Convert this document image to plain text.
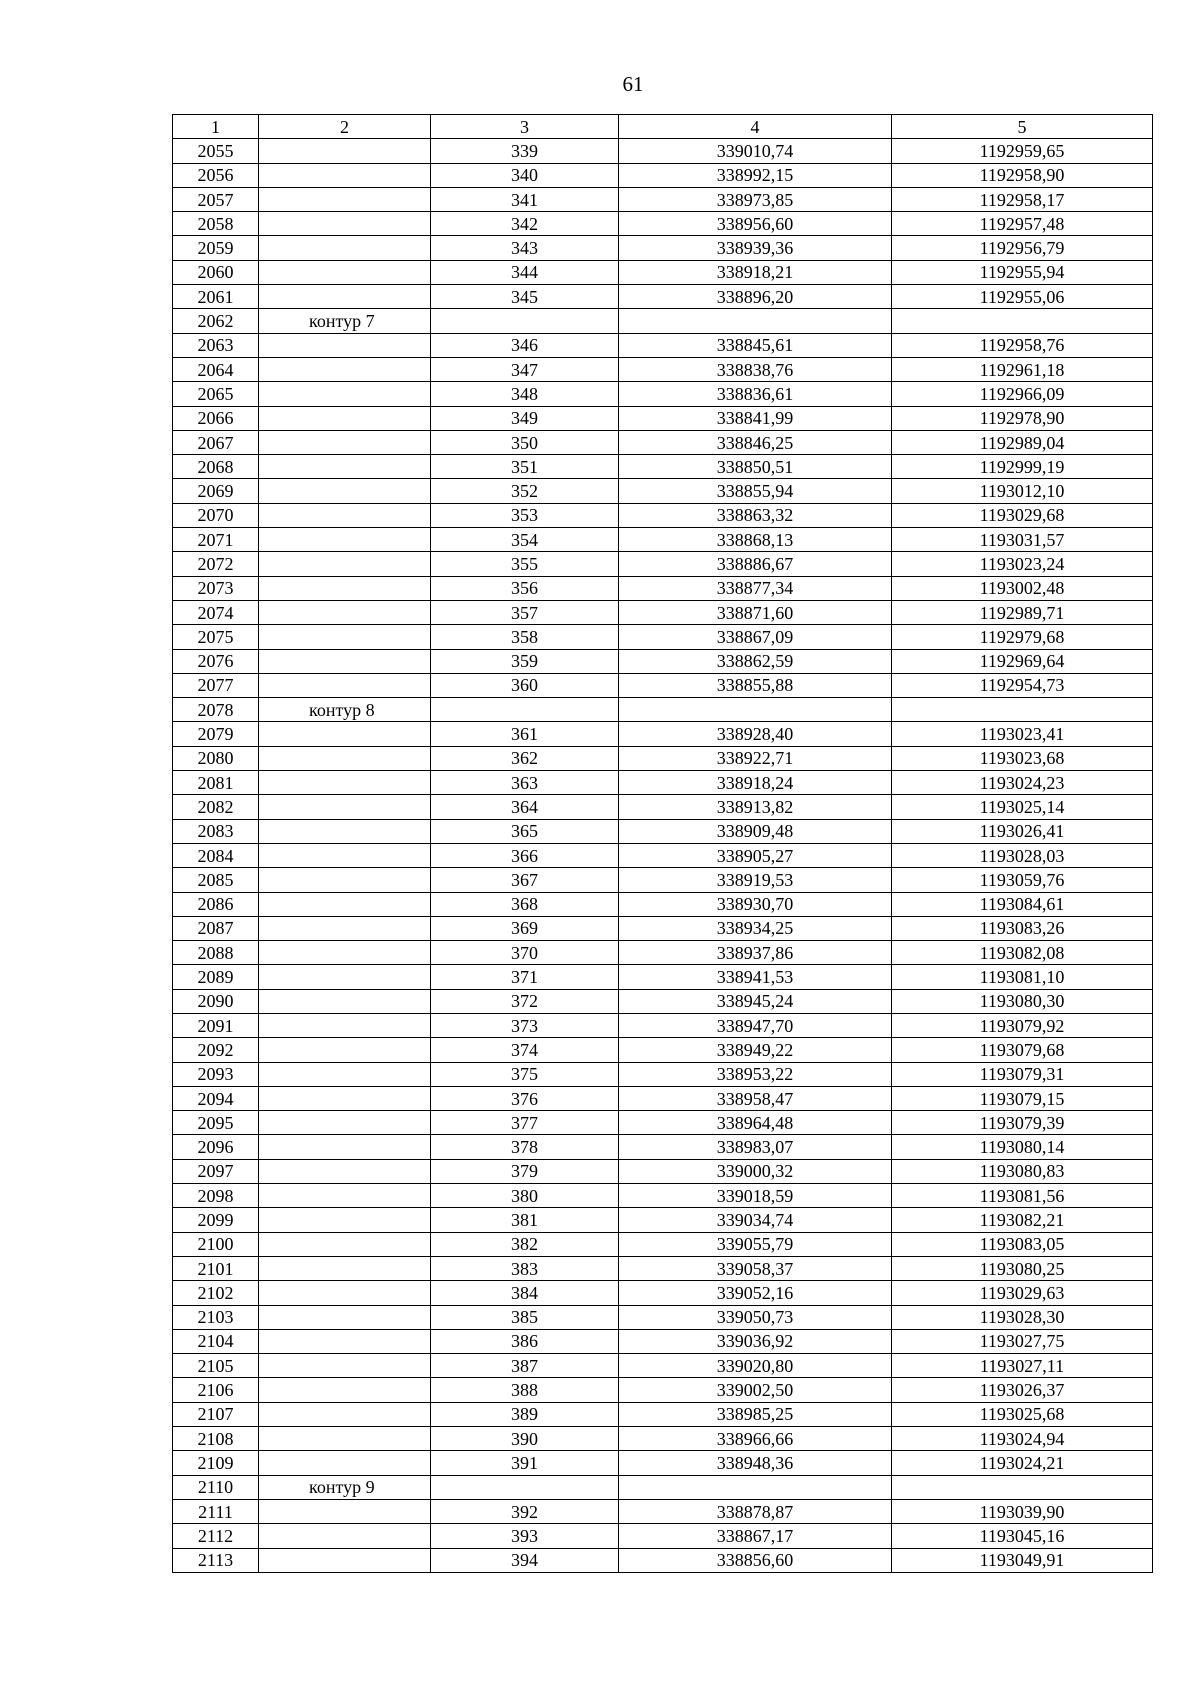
61
1	2	3	4	5
2055		339	339010,74	1192959,65
2056		340	338992,15	1192958,90
2057		341	338973,85	1192958,17
2058		342	338956,60	1192957,48
2059		343	338939,36	1192956,79
2060		344	338918,21	1192955,94
2061		345	338896,20	1192955,06
2062	контур 7			
2063		346	338845,61	1192958,76
2064		347	338838,76	1192961,18
2065		348	338836,61	1192966,09
2066		349	338841,99	1192978,90
2067		350	338846,25	1192989,04
2068		351	338850,51	1192999,19
2069		352	338855,94	1193012,10
2070		353	338863,32	1193029,68
2071		354	338868,13	1193031,57
2072		355	338886,67	1193023,24
2073		356	338877,34	1193002,48
2074		357	338871,60	1192989,71
2075		358	338867,09	1192979,68
2076		359	338862,59	1192969,64
2077		360	338855,88	1192954,73
2078	контур 8			
2079		361	338928,40	1193023,41
2080		362	338922,71	1193023,68
2081		363	338918,24	1193024,23
2082		364	338913,82	1193025,14
2083		365	338909,48	1193026,41
2084		366	338905,27	1193028,03
2085		367	338919,53	1193059,76
2086		368	338930,70	1193084,61
2087		369	338934,25	1193083,26
2088		370	338937,86	1193082,08
2089		371	338941,53	1193081,10
2090		372	338945,24	1193080,30
2091		373	338947,70	1193079,92
2092		374	338949,22	1193079,68
2093		375	338953,22	1193079,31
2094		376	338958,47	1193079,15
2095		377	338964,48	1193079,39
2096		378	338983,07	1193080,14
2097		379	339000,32	1193080,83
2098		380	339018,59	1193081,56
2099		381	339034,74	1193082,21
2100		382	339055,79	1193083,05
2101		383	339058,37	1193080,25
2102		384	339052,16	1193029,63
2103		385	339050,73	1193028,30
2104		386	339036,92	1193027,75
2105		387	339020,80	1193027,11
2106		388	339002,50	1193026,37
2107		389	338985,25	1193025,68
2108		390	338966,66	1193024,94
2109		391	338948,36	1193024,21
2110	контур 9			
2111		392	338878,87	1193039,90
2112		393	338867,17	1193045,16
2113		394	338856,60	1193049,91
